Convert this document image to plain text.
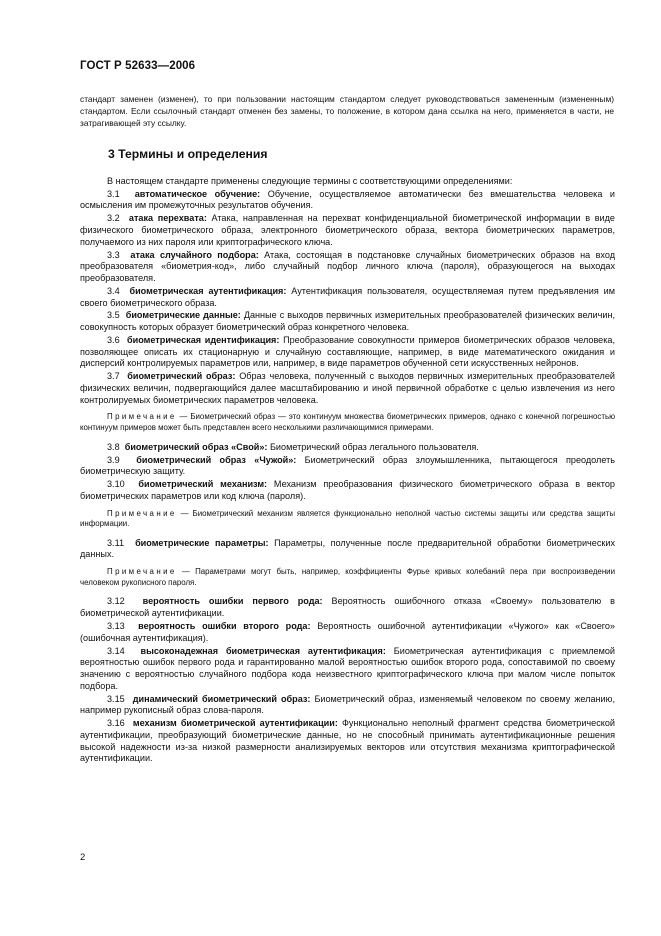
ГОСТ Р 52633—2006

стандарт заменен (изменен), то при пользовании настоящим стандартом следует руководствоваться замененным (измененным) стандартом. Если ссылочный стандарт отменен без замены, то положение, в котором дана ссылка на него, применяется в части, не затрагивающей эту ссылку.

3 Термины и определения

В настоящем стандарте применены следующие термины с соответствующими определениями:

3.1 автоматическое обучение: Обучение, осуществляемое автоматически без вмешательства человека и осмысления им промежуточных результатов обучения.

3.2 атака перехвата: Атака, направленная на перехват конфиденциальной биометрической информации в виде физического биометрического образа, электронного биометрического образа, вектора биометрических параметров, получаемого из них пароля или криптографического ключа.

3.3 атака случайного подбора: Атака, состоящая в подстановке случайных биометрических образов на вход преобразователя «биометрия-код», либо случайный подбор личного ключа (пароля), образующегося на выходах преобразователя.

3.4 биометрическая аутентификация: Аутентификация пользователя, осуществляемая путем предъявления им своего биометрического образа.

3.5 биометрические данные: Данные с выходов первичных измерительных преобразователей физических величин, совокупность которых образует биометрический образ конкретного человека.

3.6 биометрическая идентификация: Преобразование совокупности примеров биометрических образов человека, позволяющее описать их стационарную и случайную составляющие, например, в виде математического ожидания и дисперсий контролируемых параметров или, например, в виде параметров обученной сети искусственных нейронов.

3.7 биометрический образ: Образ человека, полученный с выходов первичных измерительных преобразователей физических величин, подвергающийся далее масштабированию и иной первичной обработке с целью извлечения из него контролируемых биометрических параметров человека.

Примечание — Биометрический образ — это континуум множества биометрических примеров, однако с конечной погрешностью континуум примеров может быть представлен всего несколькими различающимися примерами.

3.8 биометрический образ «Свой»: Биометрический образ легального пользователя.

3.9 биометрический образ «Чужой»: Биометрический образ злоумышленника, пытающегося преодолеть биометрическую защиту.

3.10 биометрический механизм: Механизм преобразования физического биометрического образа в вектор биометрических параметров или код ключа (пароля).

Примечание — Биометрический механизм является функционально неполной частью системы защиты или средства защиты информации.

3.11 биометрические параметры: Параметры, полученные после предварительной обработки биометрических данных.

Примечание — Параметрами могут быть, например, коэффициенты Фурье кривых колебаний пера при воспроизведении человеком рукописного пароля.

3.12 вероятность ошибки первого рода: Вероятность ошибочного отказа «Своему» пользователю в биометрической аутентификации.

3.13 вероятность ошибки второго рода: Вероятность ошибочной аутентификации «Чужого» как «Своего» (ошибочная аутентификация).

3.14 высоконадежная биометрическая аутентификация: Биометрическая аутентификация с приемлемой вероятностью ошибок первого рода и гарантированно малой вероятностью ошибок второго рода, сопоставимой по своему значению с вероятностью случайного подбора кода неизвестного криптографического ключа при малом числе попыток подбора.

3.15 динамический биометрический образ: Биометрический образ, изменяемый человеком по своему желанию, например рукописный образ слова-пароля.

3.16 механизм биометрической аутентификации: Функционально неполный фрагмент средства биометрической аутентификации, преобразующий биометрические данные, но не способный принимать аутентификационные решения высокой надежности из-за низкой размерности анализируемых векторов или отсутствия механизма криптографической аутентификации.

2
